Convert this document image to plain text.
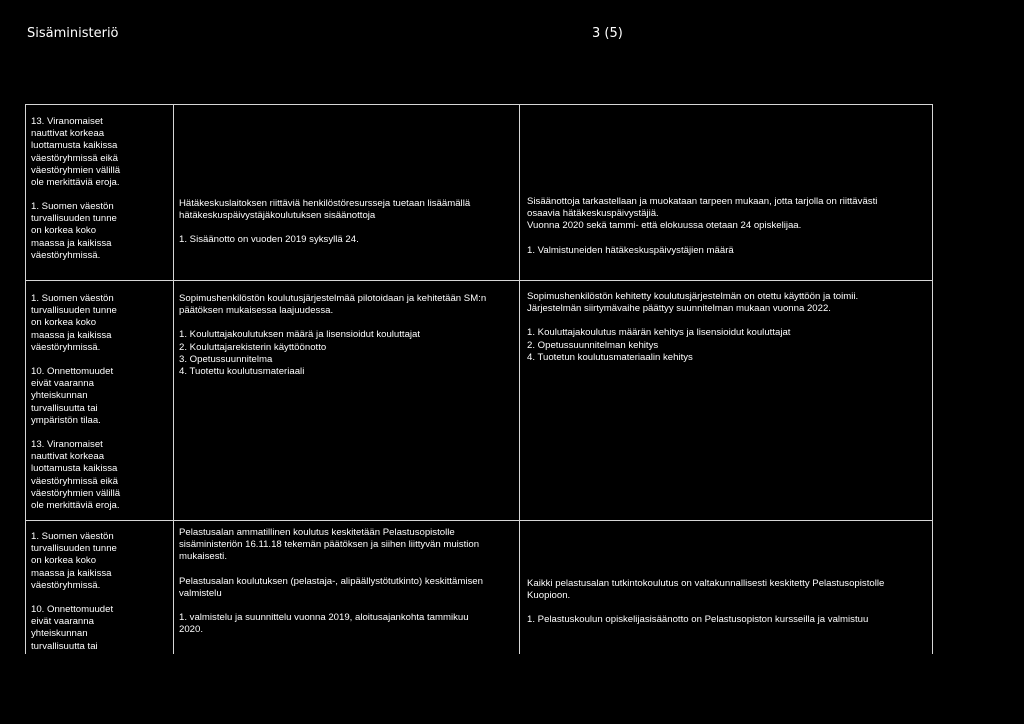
Sisäministeriö	3 (5)
13. Viranomaiset
nauttivat korkeaa
luottamusta kaikissa
väestöryhmissä eikä
väestöryhmien välillä
ole merkittäviä eroja.
1. Suomen väestön
turvallisuuden tunne
on korkea koko
maassa ja kaikissa
väestöryhmissä.
Hätäkeskuslaitoksen riittäviä henkilöstöresursseja tuetaan lisäämällä
hätäkeskuspäivystäjäkoulutuksen sisäänottoja
1. Sisäänotto on vuoden 2019 syksyllä 24.
Sisäänottoja tarkastellaan ja muokataan tarpeen mukaan, jotta tarjolla on riittävästi
osaavia hätäkeskuspäivystäjiä.
Vuonna 2020 sekä tammi- että elokuussa otetaan 24 opiskelijaa.
1. Valmistuneiden hätäkeskuspäivystäjien määrä
1. Suomen väestön
turvallisuuden tunne
on korkea koko
maassa ja kaikissa
väestöryhmissä.
10. Onnettomuudet
eivät vaaranna
yhteiskunnan
turvallisuutta tai
ympäristön tilaa.
13. Viranomaiset
nauttivat korkeaa
luottamusta kaikissa
väestöryhmissä eikä
väestöryhmien välillä
ole merkittäviä eroja.
Sopimushenkilöstön koulutusjärjestelmää pilotoidaan ja kehitetään SM:n
päätöksen mukaisessa laajuudessa.
1. Kouluttajakoulutuksen määrä ja lisensioidut kouluttajat
2. Kouluttajarekisterin käyttöönotto
3. Opetussuunnitelma
4. Tuotettu koulutusmateriaali
Sopimushenkilöstön kehitetty koulutusjärjestelmän on otettu käyttöön ja toimii.
Järjestelmän siirtymävaihe päättyy suunnitelman mukaan vuonna 2022.
1. Kouluttajakoulutus määrän kehitys ja lisensioidut kouluttajat
2. Opetussuunnitelman kehitys
4. Tuotetun koulutusmateriaalin kehitys
1. Suomen väestön
turvallisuuden tunne
on korkea koko
maassa ja kaikissa
väestöryhmissä.
10. Onnettomuudet
eivät vaaranna
yhteiskunnan
turvallisuutta tai
Pelastusalan ammatillinen koulutus keskitetään Pelastusopistolle
sisäministeriön 16.11.18 tekemän päätöksen ja siihen liittyvän muistion
mukaisesti.
Pelastusalan koulutuksen (pelastaja-, alipäällystötutkinto) keskittämisen
valmistelu
1. valmistelu ja suunnittelu vuonna 2019, aloitusajankohta tammikuu
2020.
Kaikki pelastusalan tutkintokoulutus on valtakunnallisesti keskitetty Pelastusopistolle
Kuopioon.
1. Pelastuskoulun opiskelijasisäänotto on Pelastusopiston kursseilla ja valmistuu
